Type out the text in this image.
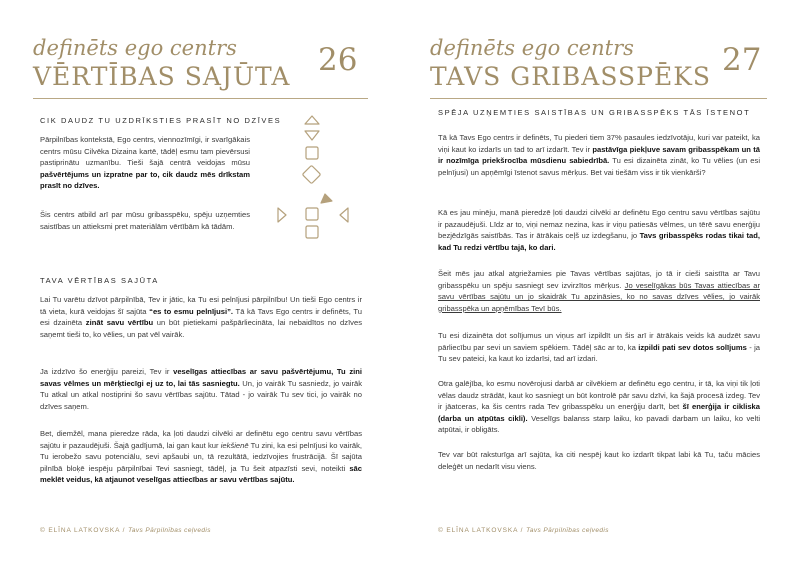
definēts ego centrs
VĒRTĪBAS SAJŪTA 26
CIK DAUDZ TU UZDRĪKSTIES PRASĪT NO DZĪVES
Pārpilnības kontekstā, Ego centrs, viennozīmīgi, ir svarīgākais centrs mūsu Cilvēka Dizaina kartē, tādēļ esmu tam pievērsusi pastiprinātu uzmanību. Tieši šajā centrā veidojas mūsu pašvērtējums un izpratne par to, cik daudz mēs drīkstam prasīt no dzīves.
Šis centrs atbild arī par mūsu gribasspēku, spēju uzņemties saistības un attieksmi pret materiālām vērtībām kā tādām.
TAVA VĒRTĪBAS SAJŪTA
Lai Tu varētu dzīvot pārpilnībā, Tev ir jātic, ka Tu esi pelnījusi pārpilnību! Un tieši Ego centrs ir tā vieta, kurā veidojas šī sajūta “es to esmu pelnījusi”. Tā kā Tavs Ego centrs ir definēts, Tu esi dzainēta zināt savu vērtību un būt pietiekami pašpārliecināta, lai nebaidītos no dzīves saņemt tieši to, ko vēlies, un pat vēl vairāk.
Ja izdzīvo šo enerģiju pareizi, Tev ir veselīgas attiecības ar savu pašvērtējumu, Tu zini savas vēlmes un mērķtiecīgi ej uz to, lai tās sasniegtu. Un, jo vairāk Tu sasniedz, jo vairāk Tu atkal un atkal nostiprini šo savu vērtības sajūtu. Tātad - jo vairāk Tu sev tici, jo vairāk no dzīves saņem.
Bet, diemžēl, mana pieredze rāda, ka ļoti daudzi cilvēki ar definētu ego centru savu vērtības sajūtu ir pazaudējuši. Šajā gadījumā, lai gan kaut kur iekšienē Tu zini, ka esi pelnījusi ko vairāk, Tu ierobežo savu potenciālu, sevi apšaubi un, tā rezultātā, iedzīvojies frustrācijā. Šī sajūta pilnībā bloķē iespēju pārpilnībai Tevi sasniegt, tādēļ, ja Tu šeit atpazīsti sevi, noteikti sāc meklēt veidus, kā atjaunot veselīgas attiecības ar savu vērtības sajūtu.
© ELĪNA LATKOVSKA / Tavs Pārpilnības ceļvedis
definēts ego centrs
TAVS GRIBASSPĒKS 27
SPĒJA UZŅEMTIES SAISTĪBAS UN GRIBASSPĒKS TĀS ĪSTENOT
Tā kā Tavs Ego centrs ir definēts, Tu piederi tiem 37% pasaules iedzīvotāju, kuri var pateikt, ka viņi kaut ko izdarīs un tad to arī izdarīt. Tev ir pastāvīga piekļuve savam gribasspēkam un tā ir nozīmīga priekšrocība mūsdienu sabiedrībā. Tu esi dizainēta zināt, ko Tu vēlies (un esi pelnījusi) un apņēmīgi īstenot savus mērķus. Bet vai tiešām viss ir tik vienkārši?
Kā es jau minēju, manā pieredzē ļoti daudzi cilvēki ar definētu Ego centru savu vērtības sajūtu ir pazaudējuši. Līdz ar to, viņi nemaz nezina, kas ir viņu patiesās vēlmes, un tērē savu enerģiju bezjēdzīgās saistībās. Tas ir ātrākais ceļš uz izdegšanu, jo Tavs gribasspēks rodas tikai tad, kad Tu redzi vērtību tajā, ko dari.
Šeit mēs jau atkal atgriežamies pie Tavas vērtības sajūtas, jo tā ir cieši saistīta ar Tavu gribasspēku un spēju sasniegt sev izvirzītos mērķus. Jo veselīgākas būs Tavas attiecības ar savu vērtības sajūtu un jo skaidrāk Tu apzināsies, ko no savas dzīves vēlies, jo vairāk gribasspēka un apņēmības Tevī būs.
Tu esi dizainēta dot solījumus un viņus arī izpildīt un šis arī ir ātrākais veids kā audzēt savu pārliecību par sevi un saviem spēkiem. Tādēļ sāc ar to, ka izpildi pati sev dotos solījums - ja Tu sev pateici, ka kaut ko izdarīsi, tad arī izdari.
Otra galējība, ko esmu novērojusi darbā ar cilvēkiem ar definētu ego centru, ir tā, ka viņi tik ļoti vēlas daudz strādāt, kaut ko sasniegt un būt kontrolē pār savu dzīvi, ka šajā procesā izdeg. Tev ir jāatceras, ka šis centrs rada Tev gribasspēku un enerģiju darīt, bet šī enerģija ir cikliska (darba un atpūtas cikli). Veselīgs balanss starp laiku, ko pavadi darbam un laiku, ko velti atpūtai, ir obligāts.
Tev var būt raksturīga arī sajūta, ka citi nespēj kaut ko izdarīt tikpat labi kā Tu, taču mācies deleģēt un nedarīt visu viens.
© ELĪNA LATKOVSKA / Tavs Pārpilnības ceļvedis
